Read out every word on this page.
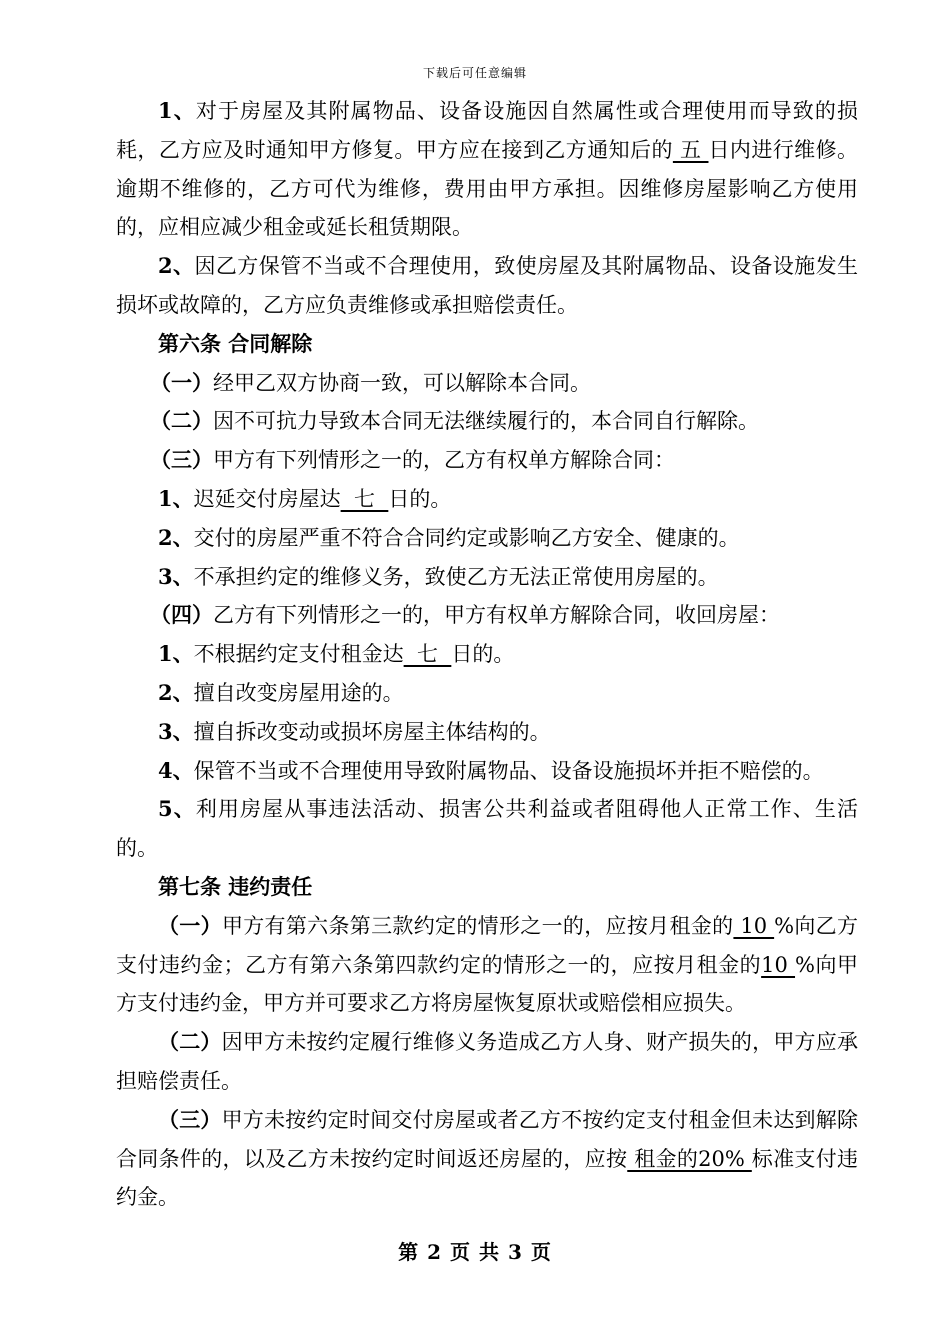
下载后可任意编辑

1、对于房屋及其附属物品、设备设施因自然属性或合理使用而导致的损耗，乙方应及时通知甲方修复。甲方应在接到乙方通知后的 五 日内进行维修。逾期不维修的，乙方可代为维修，费用由甲方承担。因维修房屋影响乙方使用的，应相应减少租金或延长租赁期限。

2、因乙方保管不当或不合理使用，致使房屋及其附属物品、设备设施发生损坏或故障的，乙方应负责维修或承担赔偿责任。

第六条 合同解除

（一）经甲乙双方协商一致，可以解除本合同。

（二）因不可抗力导致本合同无法继续履行的，本合同自行解除。

（三）甲方有下列情形之一的，乙方有权单方解除合同：

1、迟延交付房屋达  七  日的。

2、交付的房屋严重不符合合同约定或影响乙方安全、健康的。

3、不承担约定的维修义务，致使乙方无法正常使用房屋的。

（四）乙方有下列情形之一的，甲方有权单方解除合同，收回房屋：

1、不根据约定支付租金达  七  日的。

2、擅自改变房屋用途的。

3、擅自拆改变动或损坏房屋主体结构的。

4、保管不当或不合理使用导致附属物品、设备设施损坏并拒不赔偿的。

5、利用房屋从事违法活动、损害公共利益或者阻碍他人正常工作、生活的。

第七条 违约责任

（一）甲方有第六条第三款约定的情形之一的，应按月租金的 10 %向乙方支付违约金；乙方有第六条第四款约定的情形之一的，应按月租金的10 %向甲方支付违约金，甲方并可要求乙方将房屋恢复原状或赔偿相应损失。

（二）因甲方未按约定履行维修义务造成乙方人身、财产损失的，甲方应承担赔偿责任。

（三）甲方未按约定时间交付房屋或者乙方不按约定支付租金但未达到解除合同条件的，以及乙方未按约定时间返还房屋的，应按 租金的20% 标准支付违约金。

第 2 页 共 3 页
